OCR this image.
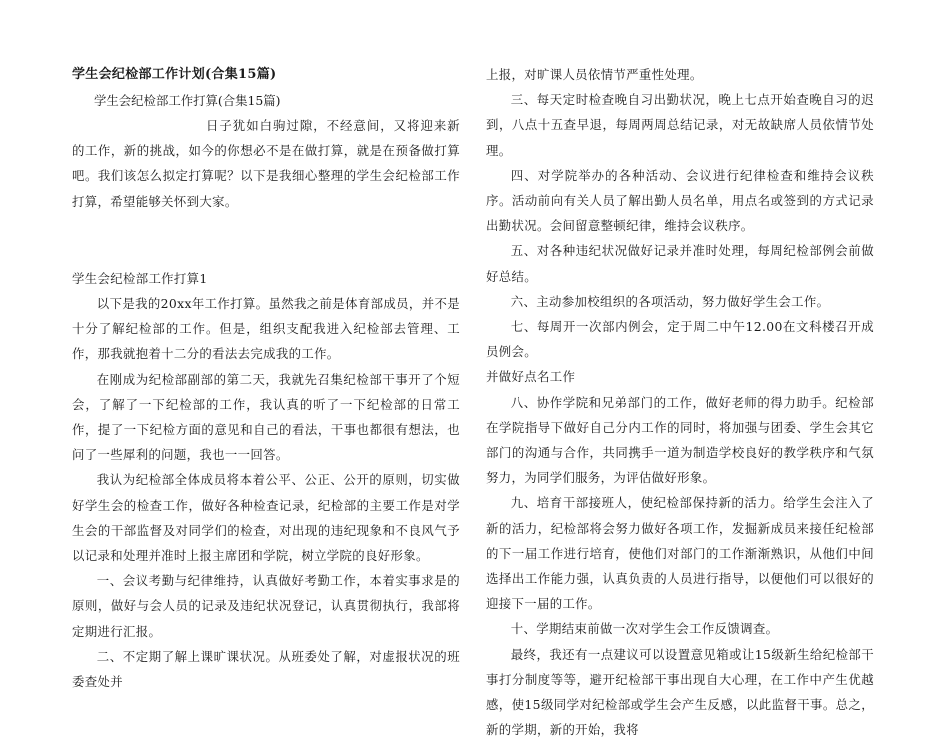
学生会纪检部工作计划(合集15篇)

学生会纪检部工作打算(合集15篇)

日子犹如白驹过隙，不经意间，又将迎来新的工作，新的挑战，如今的你想必不是在做打算，就是在预备做打算吧。我们该怎么拟定打算呢？以下是我细心整理的学生会纪检部工作打算，希望能够关怀到大家。

学生会纪检部工作打算1

以下是我的20xx年工作打算。虽然我之前是体育部成员，并不是十分了解纪检部的工作。但是，组织支配我进入纪检部去管理、工作，那我就抱着十二分的看法去完成我的工作。

在刚成为纪检部副部的第二天，我就先召集纪检部干事开了个短会，了解了一下纪检部的工作，我认真的听了一下纪检部的日常工作，提了一下纪检方面的意见和自己的看法，干事也都很有想法，也问了一些犀利的问题，我也一一回答。

我认为纪检部全体成员将本着公平、公正、公开的原则，切实做好学生会的检查工作，做好各种检查记录，纪检部的主要工作是对学生会的干部监督及对同学们的检查，对出现的违纪现象和不良风气予以记录和处理并准时上报主席团和学院，树立学院的良好形象。

一、会议考勤与纪律维持，认真做好考勤工作，本着实事求是的原则，做好与会人员的记录及违纪状况登记，认真贯彻执行，我部将定期进行汇报。

二、不定期了解上课旷课状况。从班委处了解，对虚报状况的班委查处并

上报，对旷课人员依情节严重性处理。

三、每天定时检查晚自习出勤状况，晚上七点开始查晚自习的迟到，八点十五查早退，每周两周总结记录，对无故缺席人员依情节处理。

四、对学院举办的各种活动、会议进行纪律检查和维持会议秩序。活动前向有关人员了解出勤人员名单，用点名或签到的方式记录出勤状况。会间留意整顿纪律，维持会议秩序。

五、对各种违纪状况做好记录并准时处理，每周纪检部例会前做好总结。

六、主动参加校组织的各项活动，努力做好学生会工作。

七、每周开一次部内例会，定于周二中午12.00在文科楼召开成员例会。

并做好点名工作

八、协作学院和兄弟部门的工作，做好老师的得力助手。纪检部在学院指导下做好自己分内工作的同时，将加强与团委、学生会其它部门的沟通与合作，共同携手一道为制造学校良好的教学秩序和气氛努力，为同学们服务，为评估做好形象。

九、培育干部接班人，使纪检部保持新的活力。给学生会注入了新的活力，纪检部将会努力做好各项工作，发掘新成员来接任纪检部的下一届工作进行培育，使他们对部门的工作渐渐熟识，从他们中间选择出工作能力强，认真负责的人员进行指导，以便他们可以很好的迎接下一届的工作。

十、学期结束前做一次对学生会工作反馈调查。

最终，我还有一点建议可以设置意见箱或让15级新生给纪检部干事打分制度等等，避开纪检部干事出现自大心理，在工作中产生优越感，使15级同学对纪检部或学生会产生反感，以此监督干事。总之，新的学期，新的开始，我将
